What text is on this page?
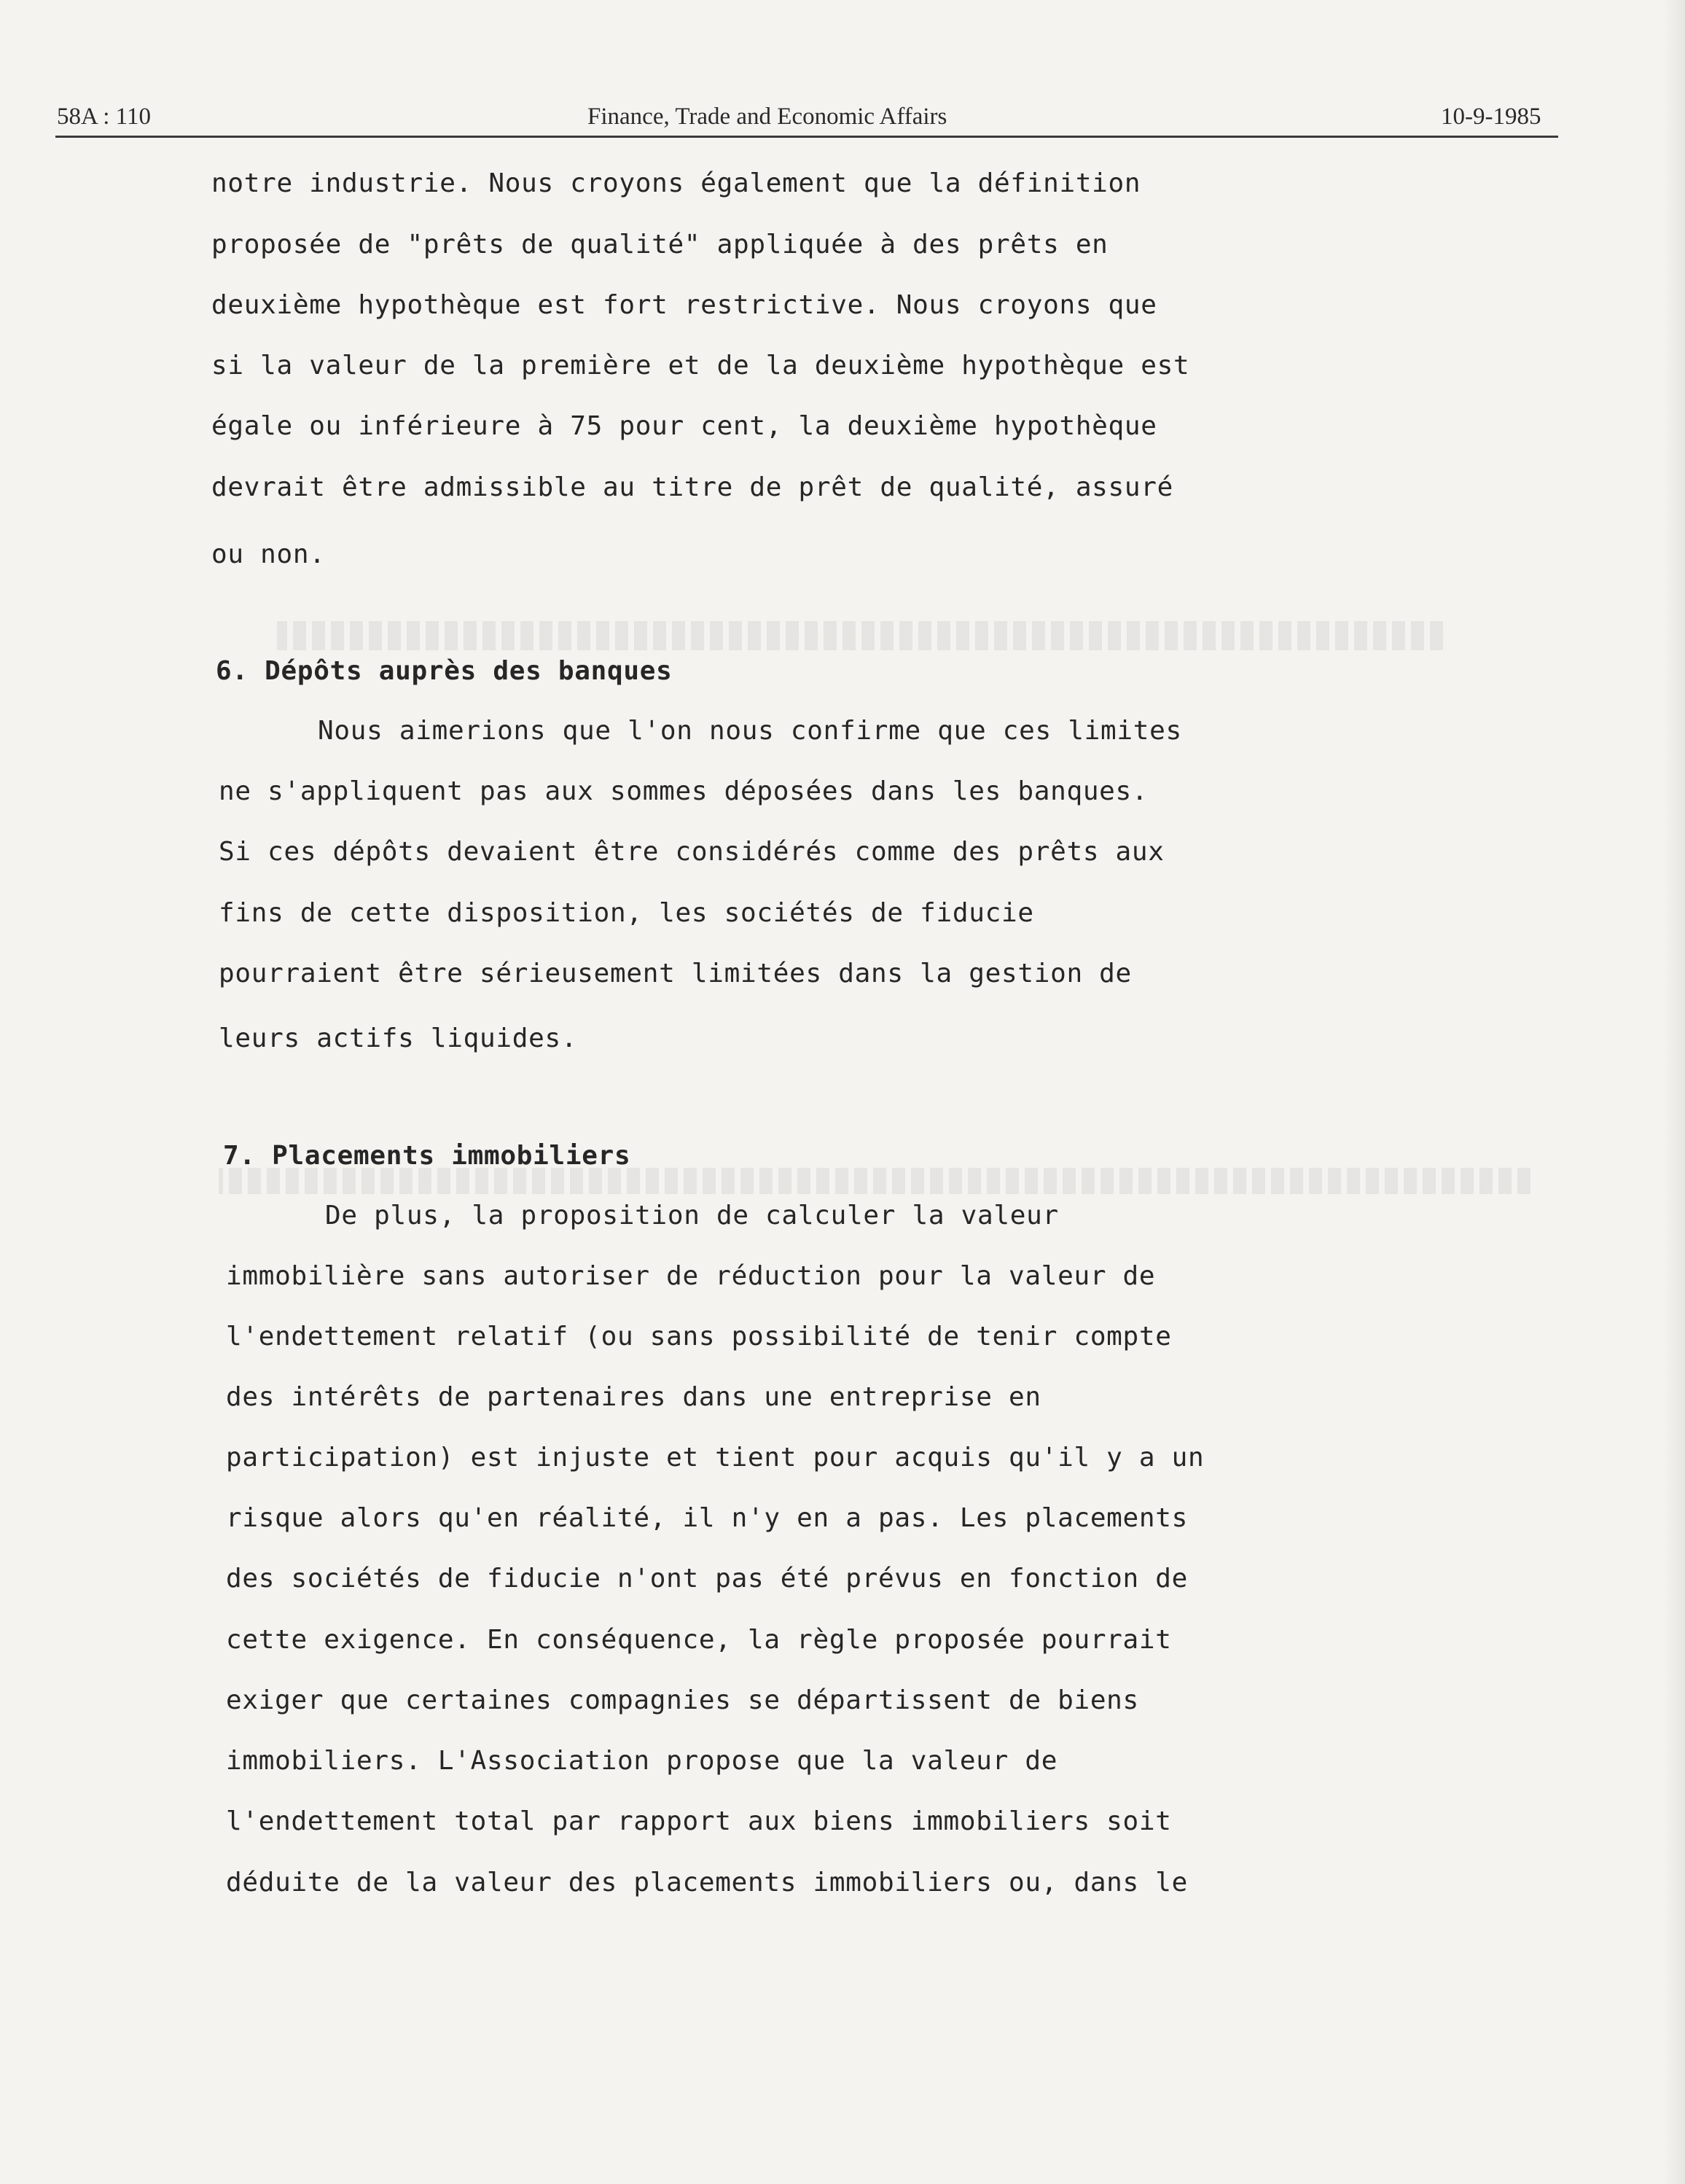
58A : 110	Finance, Trade and Economic Affairs	10-9-1985
notre industrie. Nous croyons également que la définition
proposée de "prêts de qualité" appliquée à des prêts en
deuxième hypothèque est fort restrictive. Nous croyons que
si la valeur de la première et de la deuxième hypothèque est
égale ou inférieure à 75 pour cent, la deuxième hypothèque
devrait être admissible au titre de prêt de qualité, assuré
ou non.
6. Dépôts auprès des banques
Nous aimerions que l'on nous confirme que ces limites
ne s'appliquent pas aux sommes déposées dans les banques.
Si ces dépôts devaient être considérés comme des prêts aux
fins de cette disposition, les sociétés de fiducie
pourraient être sérieusement limitées dans la gestion de
leurs actifs liquides.
7. Placements immobiliers
De plus, la proposition de calculer la valeur
immobilière sans autoriser de réduction pour la valeur de
l'endettement relatif (ou sans possibilité de tenir compte
des intérêts de partenaires dans une entreprise en
participation) est injuste et tient pour acquis qu'il y a un
risque alors qu'en réalité, il n'y en a pas. Les placements
des sociétés de fiducie n'ont pas été prévus en fonction de
cette exigence. En conséquence, la règle proposée pourrait
exiger que certaines compagnies se départissent de biens
immobiliers. L'Association propose que la valeur de
l'endettement total par rapport aux biens immobiliers soit
déduite de la valeur des placements immobiliers ou, dans le
